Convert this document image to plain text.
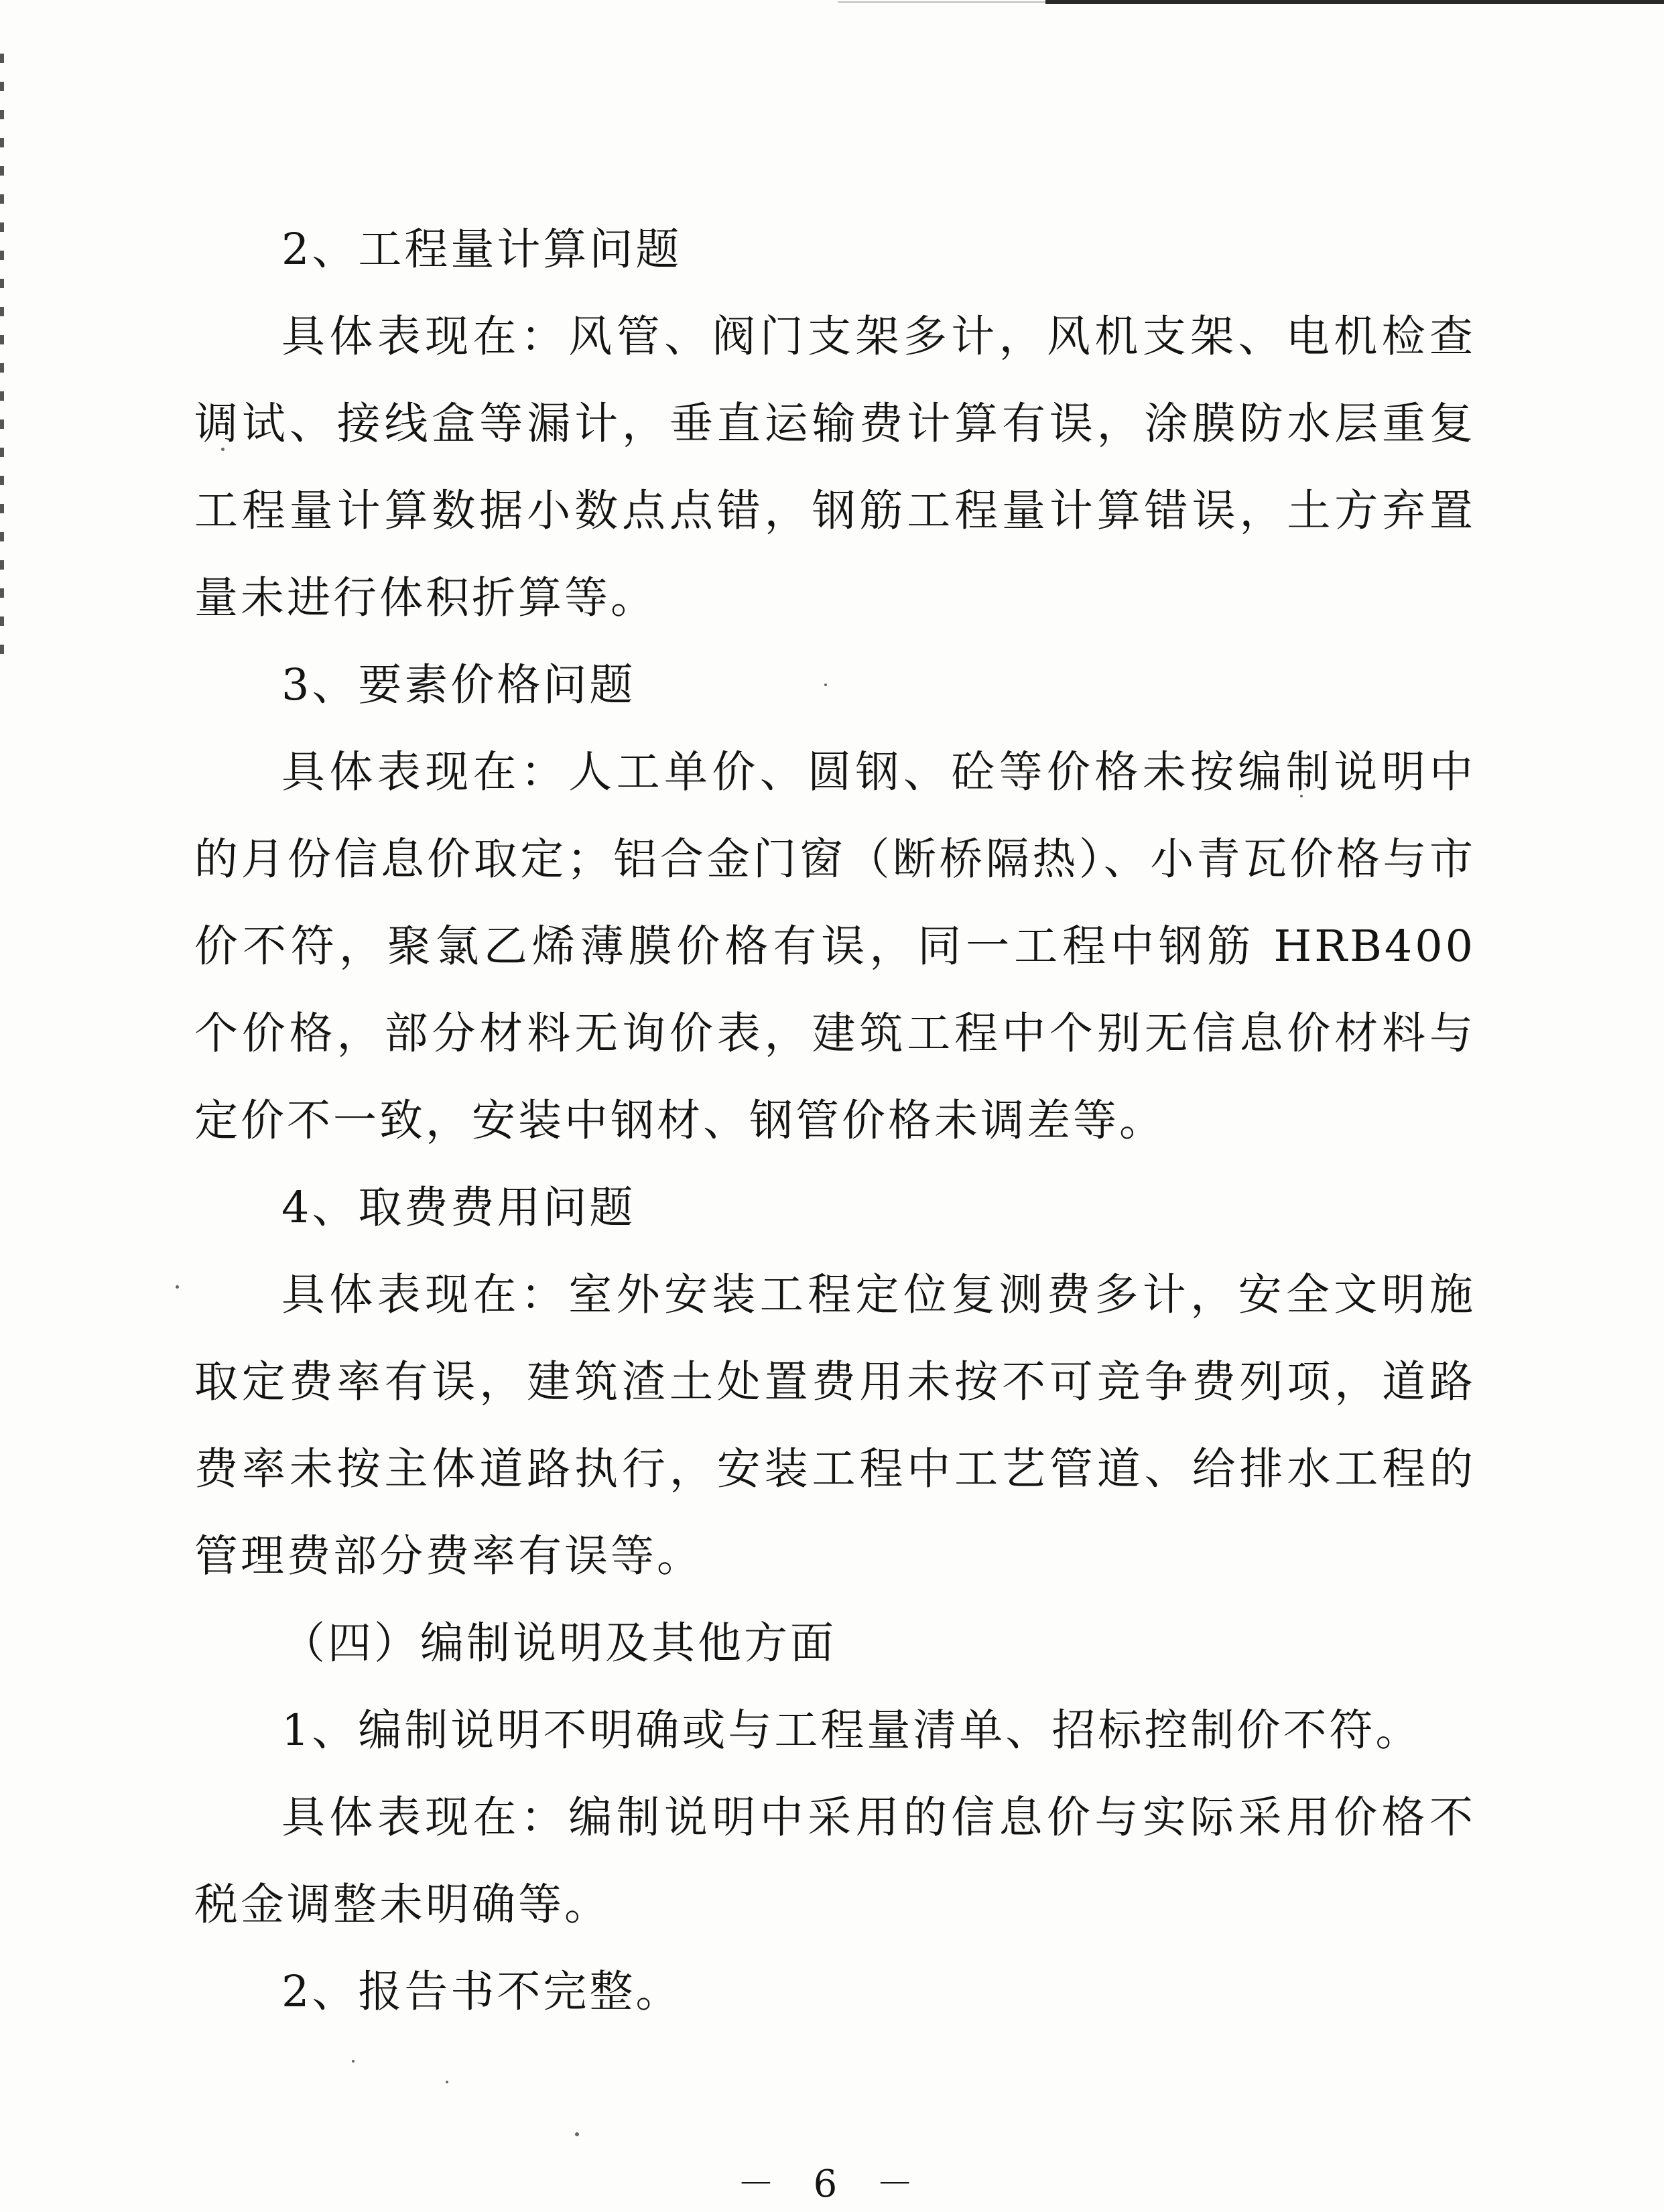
2、工程量计算问题
具体表现在：风管、阀门支架多计，风机支架、电机检查
调试、接线盒等漏计，垂直运输费计算有误，涂膜防水层重复
工程量计算数据小数点点错，钢筋工程量计算错误，土方弃置
量未进行体积折算等。
3、要素价格问题
具体表现在：人工单价、圆钢、砼等价格未按编制说明中
的月份信息价取定；铝合金门窗（断桥隔热）、小青瓦价格与市
价不符，聚氯乙烯薄膜价格有误，同一工程中钢筋 HRB400
个价格，部分材料无询价表，建筑工程中个别无信息价材料与
定价不一致，安装中钢材、钢管价格未调差等。
4、取费费用问题
具体表现在：室外安装工程定位复测费多计，安全文明施
取定费率有误，建筑渣土处置费用未按不可竞争费列项，道路
费率未按主体道路执行，安装工程中工艺管道、给排水工程的
管理费部分费率有误等。
（四）编制说明及其他方面
1、编制说明不明确或与工程量清单、招标控制价不符。
具体表现在：编制说明中采用的信息价与实际采用价格不
税金调整未明确等。
2、报告书不完整。
－ 6 －
